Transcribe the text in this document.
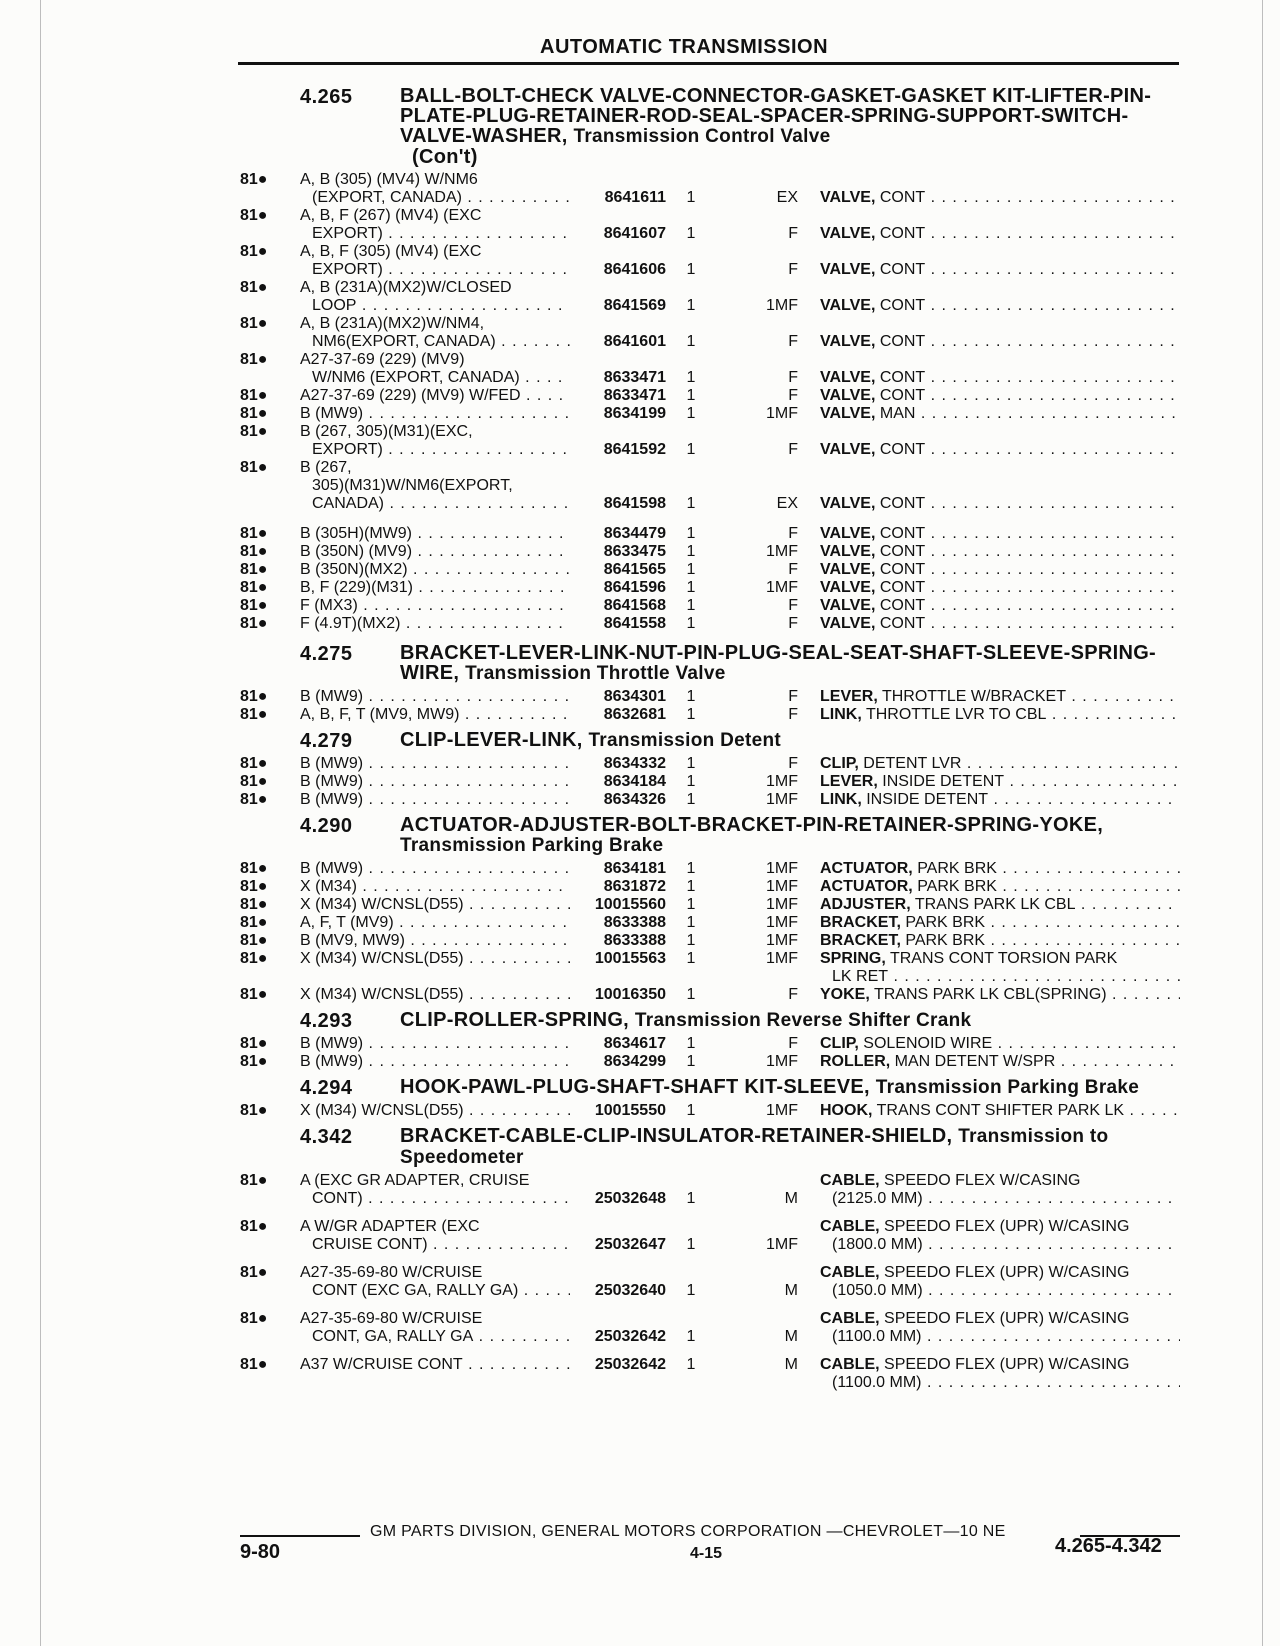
AUTOMATIC TRANSMISSION
4.265 BALL-BOLT-CHECK VALVE-CONNECTOR-GASKET-GASKET KIT-LIFTER-PIN-PLATE-PLUG-RETAINER-ROD-SEAL-SPACER-SPRING-SUPPORT-SWITCH-VALVE-WASHER, Transmission Control Valve
(Con't)
81● A, B (305) (MV4) W/NM6
(EXPORT, CANADA) . . .	8641611 1	EX VALVE, CONT . . .
81● A, B, F (267) (MV4) (EXC
EXPORT) . . .	8641607 1	F VALVE, CONT . . .
81● A, B, F (305) (MV4) (EXC
EXPORT) . . .	8641606 1	F VALVE, CONT . . .
81● A, B (231A)(MX2)W/CLOSED
LOOP . . .	8641569 1	1MF VALVE, CONT . . .
81● A, B (231A)(MX2)W/NM4,
NM6(EXPORT, CANADA) . . .	8641601 1	F VALVE, CONT . . .
81● A27-37-69 (229) (MV9)
W/NM6 (EXPORT, CANADA) . . .	8633471 1	F VALVE, CONT . . .
81● A27-37-69 (229) (MV9) W/FED . . .	8633471 1	F VALVE, CONT . . .
81● B (MW9) . . .	8634199 1	1MF VALVE, MAN . . .
81● B (267, 305)(M31)(EXC,
EXPORT) . . .	8641592 1	F VALVE, CONT . . .
81● B (267,
305)(M31)W/NM6(EXPORT,
CANADA) . . .	8641598 1	EX VALVE, CONT . . .
81● B (305H)(MW9) . . .	8634479 1	F VALVE, CONT . . .
81● B (350N) (MV9) . . .	8633475 1	1MF VALVE, CONT . . .
81● B (350N)(MX2) . . .	8641565 1	F VALVE, CONT . . .
81● B, F (229)(M31) . . .	8641596 1	1MF VALVE, CONT . . .
81● F (MX3) . . .	8641568 1	F VALVE, CONT . . .
81● F (4.9T)(MX2) . . .	8641558 1	F VALVE, CONT . . .
4.275 BRACKET-LEVER-LINK-NUT-PIN-PLUG-SEAL-SEAT-SHAFT-SLEEVE-SPRING-WIRE, Transmission Throttle Valve
81● B (MW9) . . .	8634301 1	F LEVER, THROTTLE W/BRACKET . . .
81● A, B, F, T (MV9, MW9) . . .	8632681 1	F LINK, THROTTLE LVR TO CBL . . .
4.279 CLIP-LEVER-LINK, Transmission Detent
81● B (MW9) . . .	8634332 1	F CLIP, DETENT LVR . . .
81● B (MW9) . . .	8634184 1	1MF LEVER, INSIDE DETENT . . .
81● B (MW9) . . .	8634326 1	1MF LINK, INSIDE DETENT . . .
4.290 ACTUATOR-ADJUSTER-BOLT-BRACKET-PIN-RETAINER-SPRING-YOKE, Transmission Parking Brake
81● B (MW9) . . .	8634181 1	1MF ACTUATOR, PARK BRK . . .
81● X (M34) . . .	8631872 1	1MF ACTUATOR, PARK BRK . . .
81● X (M34) W/CNSL(D55) . . .	10015560 1	1MF ADJUSTER, TRANS PARK LK CBL . . .
81● A, F, T (MV9) . . .	8633388 1	1MF BRACKET, PARK BRK . . .
81● B (MV9, MW9) . . .	8633388 1	1MF BRACKET, PARK BRK . . .
81● X (M34) W/CNSL(D55) . . .	10015563 1	1MF SPRING, TRANS CONT TORSION PARK
LK RET . . .
81● X (M34) W/CNSL(D55) . . .	10016350 1	F YOKE, TRANS PARK LK CBL(SPRING) . . .
4.293 CLIP-ROLLER-SPRING, Transmission Reverse Shifter Crank
81● B (MW9) . . .	8634617 1	F CLIP, SOLENOID WIRE . . .
81● B (MW9) . . .	8634299 1	1MF ROLLER, MAN DETENT W/SPR . . .
4.294 HOOK-PAWL-PLUG-SHAFT-SHAFT KIT-SLEEVE, Transmission Parking Brake
81● X (M34) W/CNSL(D55) . . .	10015550 1	1MF HOOK, TRANS CONT SHIFTER PARK LK . . .
4.342 BRACKET-CABLE-CLIP-INSULATOR-RETAINER-SHIELD, Transmission to Speedometer
81● A (EXC GR ADAPTER, CRUISE
CONT) . . .	25032648 1	M
CABLE, SPEEDO FLEX W/CASING
(2125.0 MM) . . .
81● A W/GR ADAPTER (EXC
CRUISE CONT) . . .	25032647 1	1MF
CABLE, SPEEDO FLEX (UPR) W/CASING
(1800.0 MM) . . .
81● A27-35-69-80 W/CRUISE
CONT (EXC GA, RALLY GA) . . .	25032640 1	M
CABLE, SPEEDO FLEX (UPR) W/CASING
(1050.0 MM) . . .
81● A27-35-69-80 W/CRUISE
CONT, GA, RALLY GA . . .	25032642 1	M
CABLE, SPEEDO FLEX (UPR) W/CASING
(1100.0 MM) . . .
81● A37 W/CRUISE CONT . . .	25032642 1	M CABLE, SPEEDO FLEX (UPR) W/CASING
(1100.0 MM) . . .
GM PARTS DIVISION, GENERAL MOTORS CORPORATION —CHEVROLET—10 NE
9-80	4-15	4.265-4.342
